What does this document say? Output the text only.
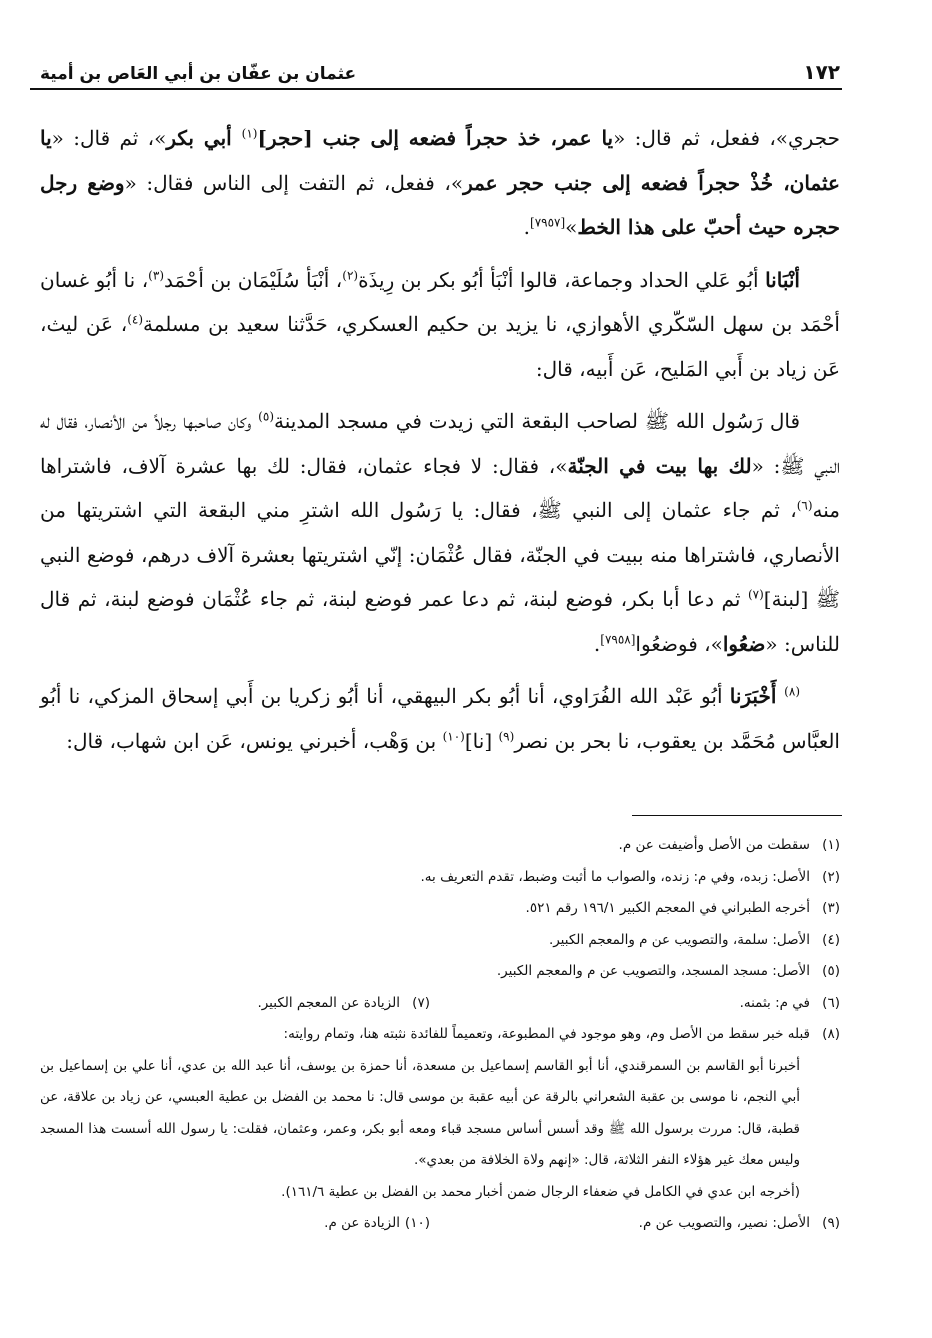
١٧٢
عثمان بن عفّان بن أبي العَاص بن أمية

حجري»، ففعل، ثم قال: «يا عمر، خذ حجراً فضعه إلى جنب [حجر]$^{(١)}$ أبي بكر»، ثم قال: «يا عثمان، خُذْ حجراً فضعه إلى جنب حجر عمر»، ففعل، ثم التفت إلى الناس فقال: «وضع رجل حجره حيث أحبّ على هذا الخط»[٧٩٥٧].

أنْبَانا أبُو عَلي الحداد وجماعة، قالوا أنْبَأ أبُو بكر بن رِيذَة$^{(٢)}$، أنْبَأ سُلَيْمَان بن أحْمَد$^{(٣)}$، نا أبُو غسان أحْمَد بن سهل السّكّري الأهوازي، نا يزيد بن حكيم العسكري، حَدَّثنا سعيد بن مسلمة$^{(٤)}$، عَن ليث، عَن زياد بن أَبي المَليح، عَن أَبيه، قال:

قال رَسُول الله ﷺ لصاحب البقعة التي زيدت في مسجد المدينة$^{(٥)}$ وكان صاحبها رجلاً من الأنصار، فقال له النبي ﷺ: «لك بها بيت في الجنّة»، فقال: لا فجاء عثمان، فقال: لك بها عشرة آلاف، فاشتراها منه$^{(٦)}$، ثم جاء عثمان إلى النبي ﷺ، فقال: يا رَسُول الله اشترِ مني البقعة التي اشتريتها من الأنصاري، فاشتراها منه ببيت في الجنّة، فقال عُثْمَان: إنّي اشتريتها بعشرة آلاف درهم، فوضع النبي ﷺ [لبنة]$^{(٧)}$ ثم دعا أبا بكر، فوضع لبنة، ثم دعا عمر فوضع لبنة، ثم جاء عُثْمَان فوضع لبنة، ثم قال للناس: «ضعُوا»، فوضعُوا[٧٩٥٨].

$^{(٨)}$ أَخْبَرَنا أبُو عَبْد الله الفُرَاوي، أنا أبُو بكر البيهقي، أنا أبُو زكريا بن أَبي إسحاق المزكي، نا أبُو العبَّاس مُحَمَّد بن يعقوب، نا بحر بن نصر$^{(٩)}$ [نا]$^{(١٠)}$ بن وَهْب، أخبرني يونس، عَن ابن شهاب، قال:

(١)
سقطت من الأصل وأضيفت عن م.
(٢)
الأصل: زبده، وفي م: زنده، والصواب ما أثبت وضبط، تقدم التعريف به.
(٣)
أخرجه الطبراني في المعجم الكبير ١٩٦/١ رقم ٥٢١.
(٤)
الأصل: سلمة، والتصويب عن م والمعجم الكبير.
(٥)
الأصل: مسجد المسجد، والتصويب عن م والمعجم الكبير.
(٦)في م: بثمنه.
(٧)الزيادة عن المعجم الكبير.
(٨)
قبله خبر سقط من الأصل وم، وهو موجود في المطبوعة، وتعميماً للفائدة نثبته هنا، وتمام روايته:
أخبرنا أبو القاسم بن السمرقندي، أنا أبو القاسم إسماعيل بن مسعدة، أنا حمزة بن يوسف، أنا عبد الله بن عدي، أنا علي بن إسماعيل بن أبي النجم، نا موسى بن عقبة الشعراني بالرقة عن أبيه عقبة بن موسى قال: نا محمد بن الفضل بن عطية العبسي، عن زياد بن علاقة، عن قطبة، قال: مررت برسول الله ﷺ وقد أسس أساس مسجد قباء ومعه أبو بكر، وعمر، وعثمان، فقلت: يا رسول الله أسست هذا المسجد وليس معك غير هؤلاء النفر الثلاثة، قال: «إنهم ولاة الخلافة من بعدي».
(أخرجه ابن عدي في الكامل في ضعفاء الرجال ضمن أخبار محمد بن الفضل بن عطية ١٦١/٦).
(٩)الأصل: نصير، والتصويب عن م.
(١٠)الزيادة عن م.
